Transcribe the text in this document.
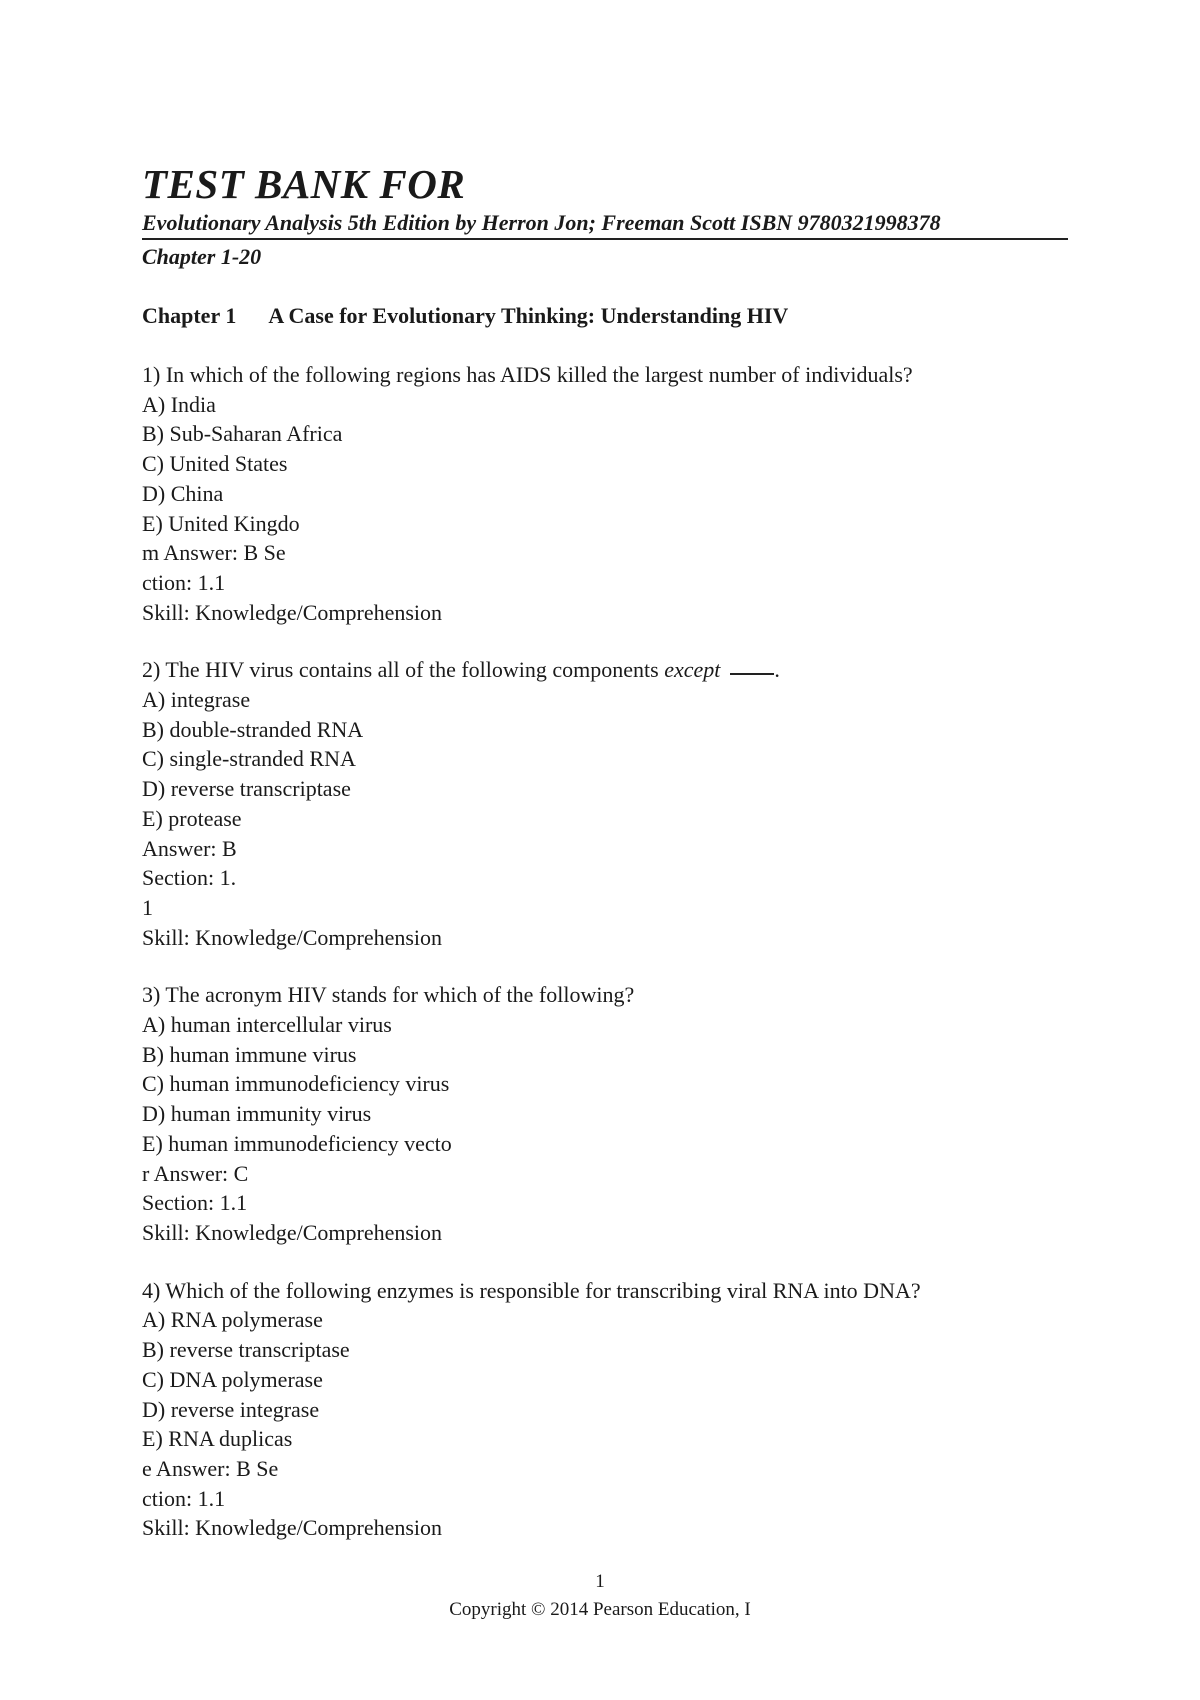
TEST BANK FOR
Evolutionary Analysis 5th Edition by Herron Jon; Freeman Scott ISBN 9780321998378
Chapter 1-20
Chapter 1 A Case for Evolutionary Thinking: Understanding HIV
1) In which of the following regions has AIDS killed the largest number of individuals?
A) India
B) Sub-Saharan Africa
C) United States
D) China
E) United Kingdo
m Answer: B Se
ction: 1.1
Skill: Knowledge/Comprehension
2) The HIV virus contains all of the following components except .
A) integrase
B) double-stranded RNA
C) single-stranded RNA
D) reverse transcriptase
E) protease
Answer: B
Section: 1.
1
Skill: Knowledge/Comprehension
3) The acronym HIV stands for which of the following?
A) human intercellular virus
B) human immune virus
C) human immunodeficiency virus
D) human immunity virus
E) human immunodeficiency vecto
r Answer: C
Section: 1.1
Skill: Knowledge/Comprehension
4) Which of the following enzymes is responsible for transcribing viral RNA into DNA?
A) RNA polymerase
B) reverse transcriptase
C) DNA polymerase
D) reverse integrase
E) RNA duplicas
e Answer: B Se
ction: 1.1
Skill: Knowledge/Comprehension
1
Copyright © 2014 Pearson Education, I
